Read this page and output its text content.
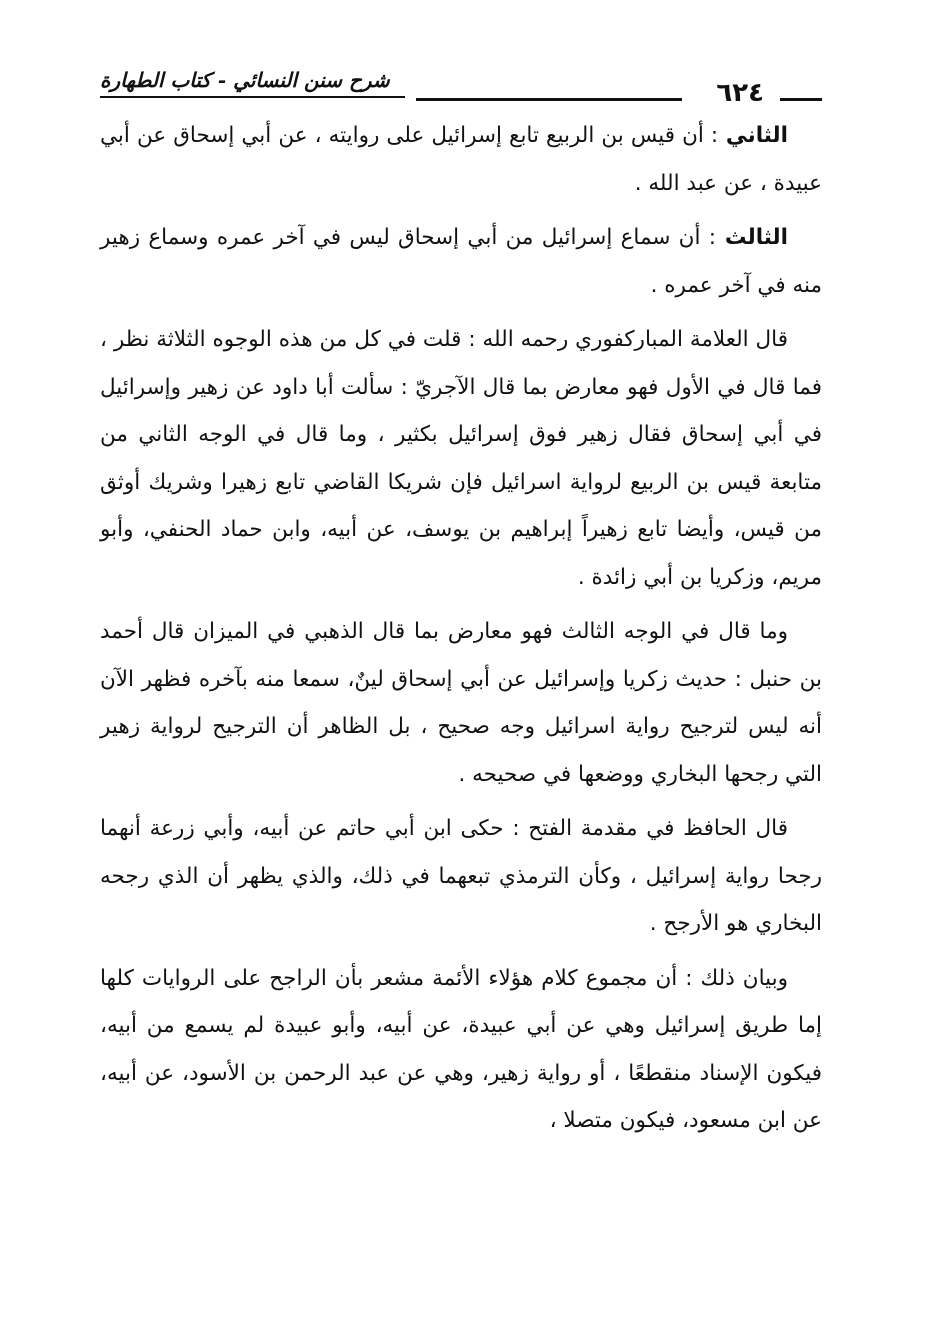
٦٢٤
شرح سنن النسائي - كتاب الطهارة

الثاني : أن قيس بن الربيع تابع إسرائيل على روايته ، عن أبي إسحاق عن أبي عبيدة ، عن عبد الله .

الثالث : أن سماع إسرائيل من أبي إسحاق ليس في آخر عمره وسماع زهير منه في آخر عمره .

قال العلامة المباركفوري رحمه الله : قلت في كل من هذه الوجوه الثلاثة نظر ، فما قال في الأول فهو معارض بما قال الآجريّ : سألت أبا داود عن زهير وإسرائيل في أبي إسحاق فقال زهير فوق إسرائيل بكثير ، وما قال في الوجه الثاني من متابعة قيس بن الربيع لرواية اسرائيل فإن شريكا القاضي تابع زهيرا وشريك أوثق من قيس، وأيضا تابع زهيراً إبراهيم بن يوسف، عن أبيه، وابن حماد الحنفي، وأبو مريم، وزكريا بن أبي زائدة .

وما قال في الوجه الثالث فهو معارض بما قال الذهبي في الميزان قال أحمد بن حنبل : حديث زكريا وإسرائيل عن أبي إسحاق لينٌ، سمعا منه بآخره فظهر الآن أنه ليس لترجيح رواية اسرائيل وجه صحيح ، بل الظاهر أن الترجيح لرواية زهير التي رجحها البخاري ووضعها في صحيحه .

قال الحافظ في مقدمة الفتح : حكى ابن أبي حاتم عن أبيه، وأبي زرعة أنهما رجحا رواية إسرائيل ، وكأن الترمذي تبعهما في ذلك، والذي يظهر أن الذي رجحه البخاري هو الأرجح .

وبيان ذلك : أن مجموع كلام هؤلاء الأئمة مشعر بأن الراجح على الروايات كلها إما طريق إسرائيل وهي عن أبي عبيدة، عن أبيه، وأبو عبيدة لم يسمع من أبيه، فيكون الإسناد منقطعًا ، أو رواية زهير، وهي عن عبد الرحمن بن الأسود، عن أبيه، عن ابن مسعود، فيكون متصلا ،
